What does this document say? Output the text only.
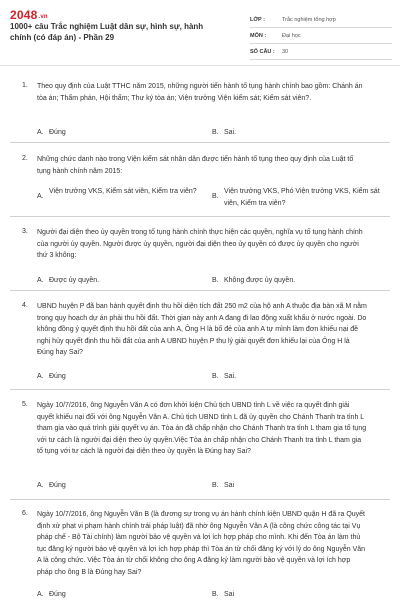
2048.vn
1000+ câu Trắc nghiệm Luật dân sự, hình sự, hành chính (có đáp án) - Phần 29
LỚP :	Trắc nghiệm tổng hợp
MÔN :	Đại học
SỐ CÂU :	30
1. Theo quy định của Luật TTHC năm 2015, những người tiến hành tố tụng hành chính bao gồm: Chánh án tòa án; Thẩm phán, Hội thẩm; Thư ký tòa án; Viện trưởng Viện kiểm sát; Kiểm sát viên?.
A. Đúng	B. Sai.
2. Những chức danh nào trong Viện kiểm sát nhân dân được tiến hành tố tụng theo quy định của Luật tố tụng hành chính năm 2015:
A.
Viện trưởng VKS, Kiểm sát viên, Kiểm tra viên?
B.
Viện trưởng VKS, Phó Viện trưởng VKS, Kiểm sát viên, Kiểm tra viên?
3. Người đại diện theo ủy quyền trong tố tụng hành chính thực hiện các quyền, nghĩa vụ tố tụng hành chính của người ủy quyền. Người được ủy quyền, người đại diện theo ủy quyền có được ủy quyền cho người thứ 3 không:
A. Được ủy quyền.	B. Không được ủy quyền.
4. UBND huyện P đã ban hành quyết định thu hồi diện tích đất 250 m2 của hộ anh A thuộc địa bàn xã M nằm trong quy hoạch dự án phải thu hồi đất. Thời gian này anh A đang đi lao động xuất khẩu ở nước ngoài. Do không đồng ý quyết định thu hồi đất của anh A, Ông H là bố đẻ của anh A tự mình làm đơn khiếu nại đề nghị hủy quyết định thu hồi đất của anh A UBND huyện P thụ lý giải quyết đơn khiếu lại của Ông H là Đúng hay Sai?
A. Đúng	B. Sai.
5. Ngày 10/7/2016, ông Nguyễn Văn A có đơn khởi kiện Chủ tịch UBND tỉnh L về việc ra quyết định giải quyết khiếu nại đối với ông Nguyễn Văn A. Chủ tịch UBND tỉnh L đã ủy quyền cho Chánh Thanh tra tỉnh L tham gia vào quá trình giải quyết vụ án. Tòa án đã chấp nhận cho Chánh Thanh tra tỉnh L tham gia tố tụng với tư cách là người đại diện theo ủy quyền.Việc Tòa án chấp nhận cho Chánh Thanh tra tỉnh L tham gia tố tụng với tư cách là người đại diện theo ủy quyền là Đúng hay Sai?
A. Đúng	B. Sai
6. Ngày 10/7/2016, ông Nguyễn Văn B (là đương sự trong vụ án hành chính kiện UBND quận H đã ra Quyết định xử phạt vi phạm hành chính trái pháp luật) đã nhờ ông Nguyễn Văn A (là công chức công tác tại Vụ pháp chế - Bộ Tài chính) làm người bảo vệ quyền và lợi ích hợp pháp cho mình. Khi đến Tòa án làm thủ tục đăng ký người bảo vệ quyền và lợi ích hợp pháp thì Tòa án từ chối đăng ký với lý do ông Nguyễn Văn A là công chức. Việc Tòa án từ chối không cho ông A đăng ký làm người bảo vệ quyền và lợi ích hợp pháp cho ông B là Đúng hay Sai?
A. Đúng	B. Sai
